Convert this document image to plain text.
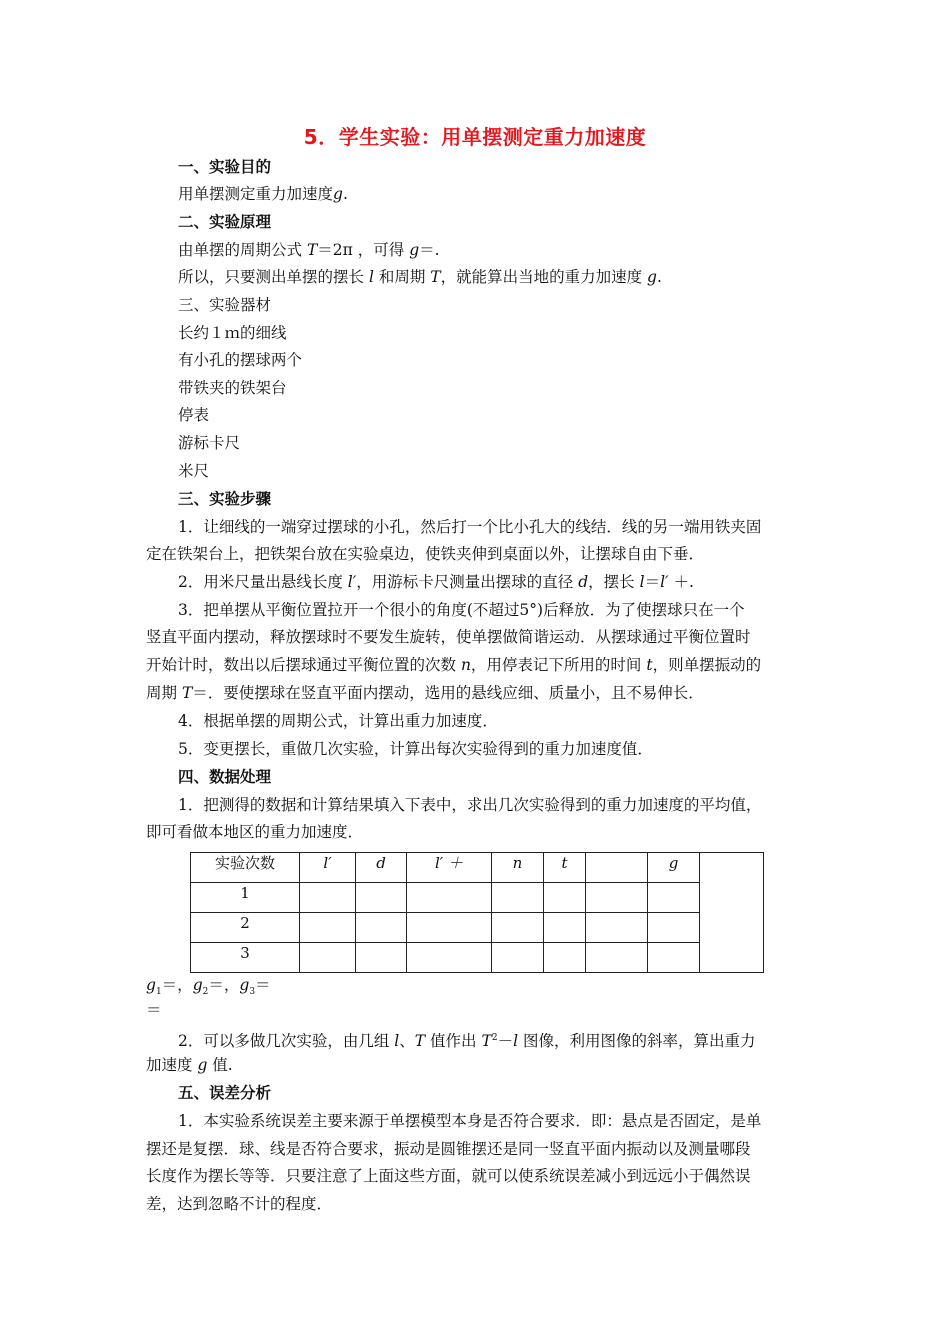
5．学生实验：用单摆测定重力加速度
一、实验目的
用单摆测定重力加速度g.
二、实验原理
由单摆的周期公式 T＝2π ，可得 g＝.
所以，只要测出单摆的摆长 l 和周期 T，就能算出当地的重力加速度 g.
三、实验器材
长约１ｍ的细线
有小孔的摆球两个
带铁夹的铁架台
停表
游标卡尺
米尺
三、实验步骤
1．让细线的一端穿过摆球的小孔，然后打一个比小孔大的线结．线的另一端用铁夹固
定在铁架台上，把铁架台放在实验桌边，使铁夹伸到桌面以外，让摆球自由下垂．
2．用米尺量出悬线长度 l′，用游标卡尺测量出摆球的直径 d，摆长 l＝l′ ＋.
3．把单摆从平衡位置拉开一个很小的角度(不超过5°)后释放．为了使摆球只在一个
竖直平面内摆动，释放摆球时不要发生旋转，使单摆做简谐运动．从摆球通过平衡位置时
开始计时，数出以后摆球通过平衡位置的次数 n，用停表记下所用的时间 t，则单摆振动的
周期 T＝．要使摆球在竖直平面内摆动，选用的悬线应细、质量小，且不易伸长．
4．根据单摆的周期公式，计算出重力加速度．
5．变更摆长，重做几次实验，计算出每次实验得到的重力加速度值．
四、数据处理
1．把测得的数据和计算结果填入下表中，求出几次实验得到的重力加速度的平均值，
即可看做本地区的重力加速度．
实验次数	l′	d	l′ ＋	n	t		g	
1								
2								
3								
$g_1=$，$g_2=$，$g_3=$
＝
2．可以多做几次实验，由几组 l、T 值作出 $T^2-l$ 图像，利用图像的斜率，算出重力
加速度 g 值.
五、误差分析
1．本实验系统误差主要来源于单摆模型本身是否符合要求．即：悬点是否固定，是单
摆还是复摆．球、线是否符合要求，振动是圆锥摆还是同一竖直平面内振动以及测量哪段
长度作为摆长等等．只要注意了上面这些方面，就可以使系统误差减小到远远小于偶然误
差，达到忽略不计的程度．
